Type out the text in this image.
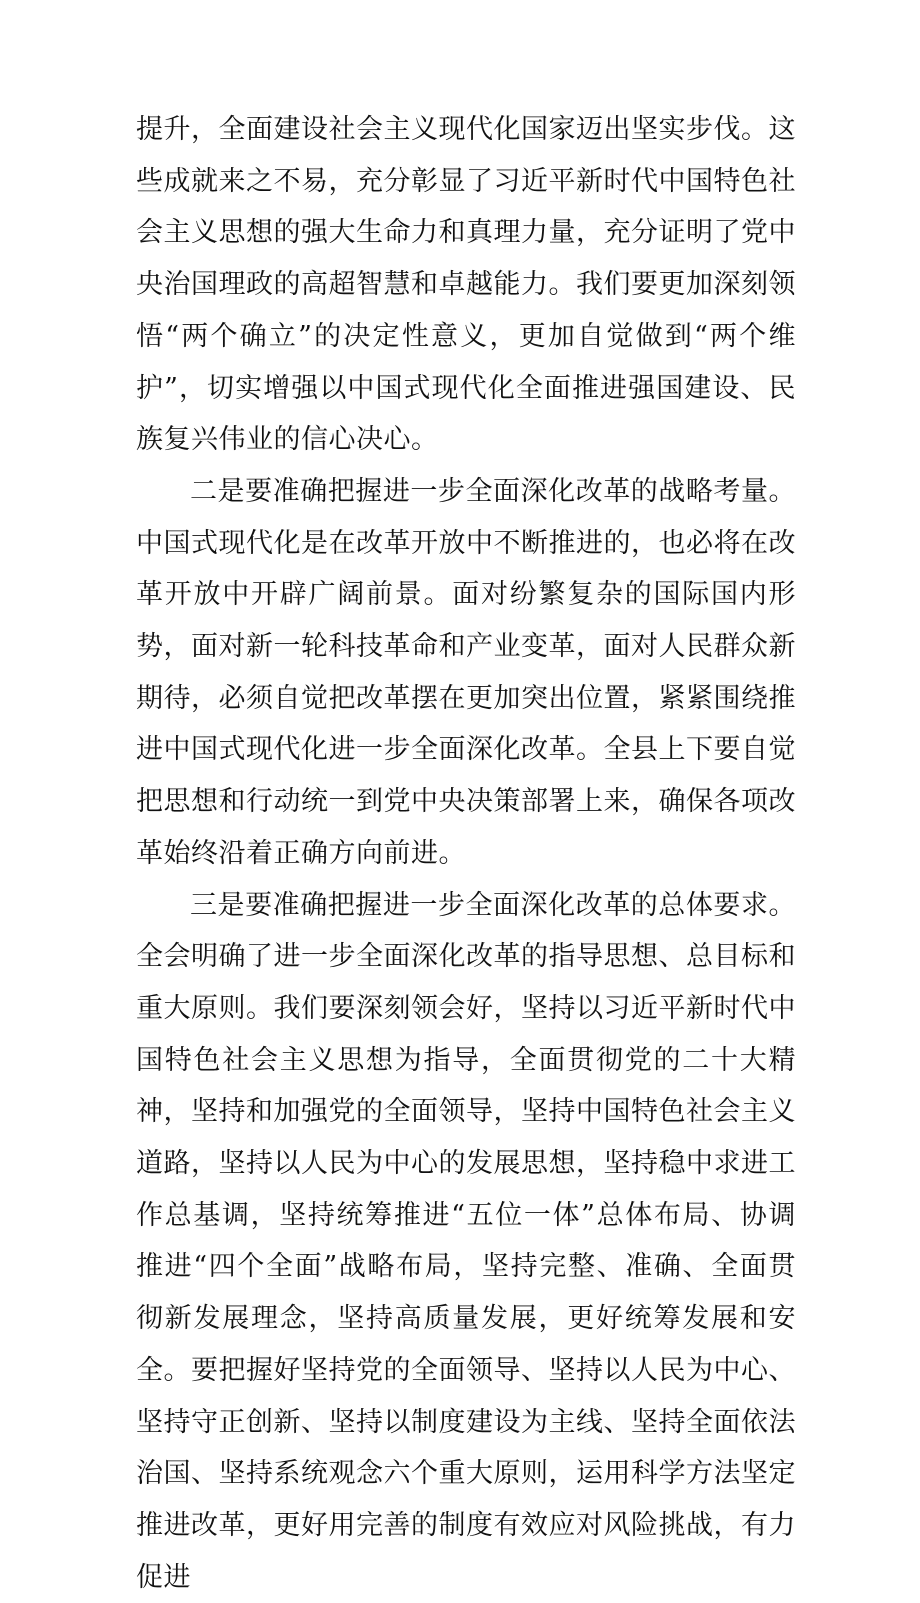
提升，全面建设社会主义现代化国家迈出坚实步伐。这些成就来之不易，充分彰显了习近平新时代中国特色社会主义思想的强大生命力和真理力量，充分证明了党中央治国理政的高超智慧和卓越能力。我们要更加深刻领悟“两个确立”的决定性意义，更加自觉做到“两个维护”，切实增强以中国式现代化全面推进强国建设、民族复兴伟业的信心决心。

二是要准确把握进一步全面深化改革的战略考量。中国式现代化是在改革开放中不断推进的，也必将在改革开放中开辟广阔前景。面对纷繁复杂的国际国内形势，面对新一轮科技革命和产业变革，面对人民群众新期待，必须自觉把改革摆在更加突出位置，紧紧围绕推进中国式现代化进一步全面深化改革。全县上下要自觉把思想和行动统一到党中央决策部署上来，确保各项改革始终沿着正确方向前进。

三是要准确把握进一步全面深化改革的总体要求。全会明确了进一步全面深化改革的指导思想、总目标和重大原则。我们要深刻领会好，坚持以习近平新时代中国特色社会主义思想为指导，全面贯彻党的二十大精神，坚持和加强党的全面领导，坚持中国特色社会主义道路，坚持以人民为中心的发展思想，坚持稳中求进工作总基调，坚持统筹推进“五位一体”总体布局、协调推进“四个全面”战略布局，坚持完整、准确、全面贯彻新发展理念，坚持高质量发展，更好统筹发展和安全。要把握好坚持党的全面领导、坚持以人民为中心、坚持守正创新、坚持以制度建设为主线、坚持全面依法治国、坚持系统观念六个重大原则，运用科学方法坚定推进改革，更好用完善的制度有效应对风险挑战，有力促进
